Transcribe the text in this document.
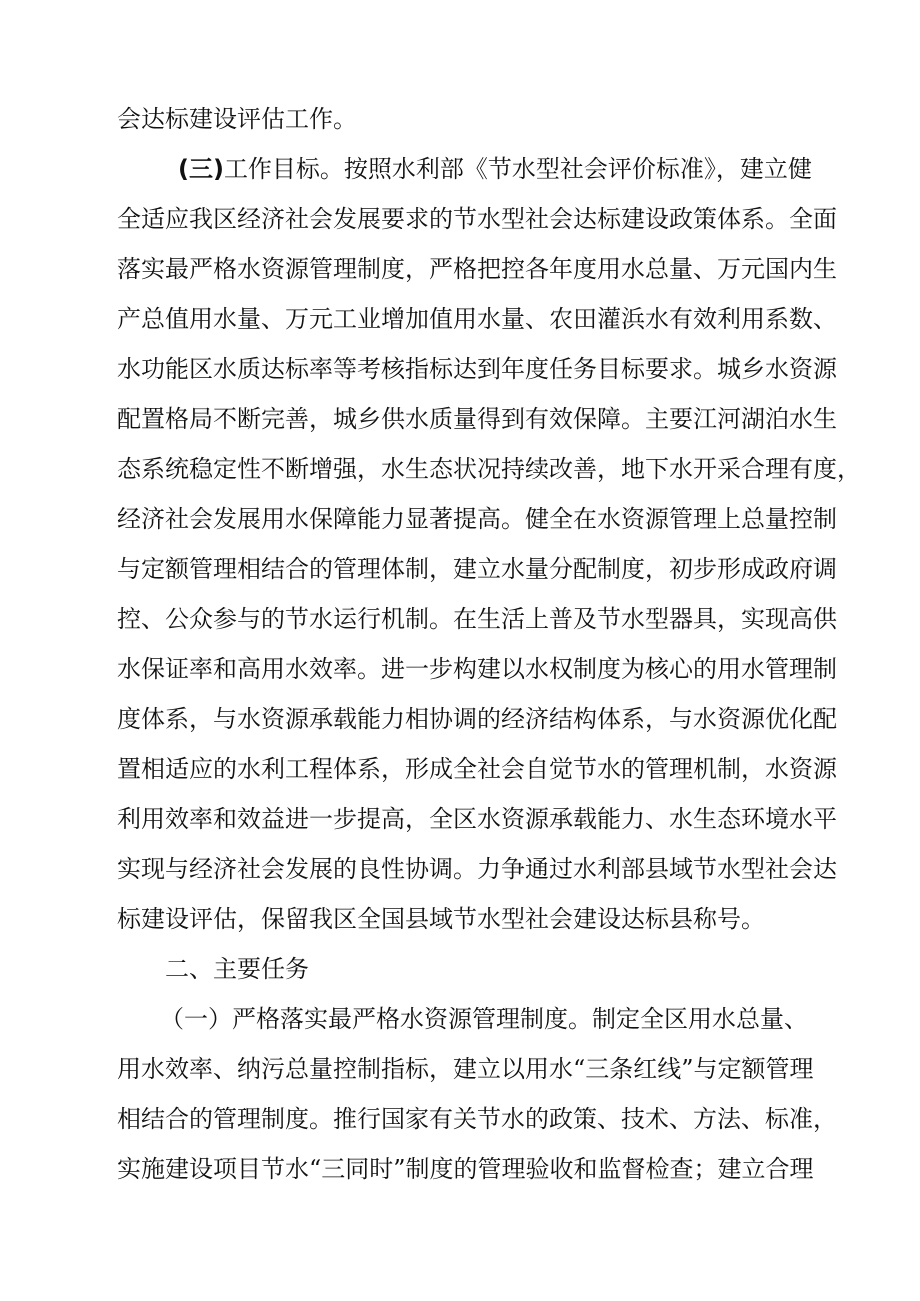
会达标建设评估工作。
(三)工作目标。按照水利部《节水型社会评价标准》，建立健
全适应我区经济社会发展要求的节水型社会达标建设政策体系。全面
落实最严格水资源管理制度，严格把控各年度用水总量、万元国内生
产总值用水量、万元工业增加值用水量、农田灌浜水有效利用系数、
水功能区水质达标率等考核指标达到年度任务目标要求。城乡水资源
配置格局不断完善，城乡供水质量得到有效保障。主要江河湖泊水生
态系统稳定性不断增强，水生态状况持续改善，地下水开采合理有度，
经济社会发展用水保障能力显著提高。健全在水资源管理上总量控制
与定额管理相结合的管理体制，建立水量分配制度，初步形成政府调
控、公众参与的节水运行机制。在生活上普及节水型器具，实现高供
水保证率和高用水效率。进一步构建以水权制度为核心的用水管理制
度体系，与水资源承载能力相协调的经济结构体系，与水资源优化配
置相适应的水利工程体系，形成全社会自觉节水的管理机制，水资源
利用效率和效益进一步提高，全区水资源承载能力、水生态环境水平
实现与经济社会发展的良性协调。力争通过水利部县域节水型社会达
标建设评估，保留我区全国县域节水型社会建设达标县称号。
二、主要任务
（一）严格落实最严格水资源管理制度。制定全区用水总量、
用水效率、纳污总量控制指标，建立以用水“三条红线”与定额管理
相结合的管理制度。推行国家有关节水的政策、技术、方法、标准，
实施建设项目节水“三同时”制度的管理验收和监督检查；建立合理
